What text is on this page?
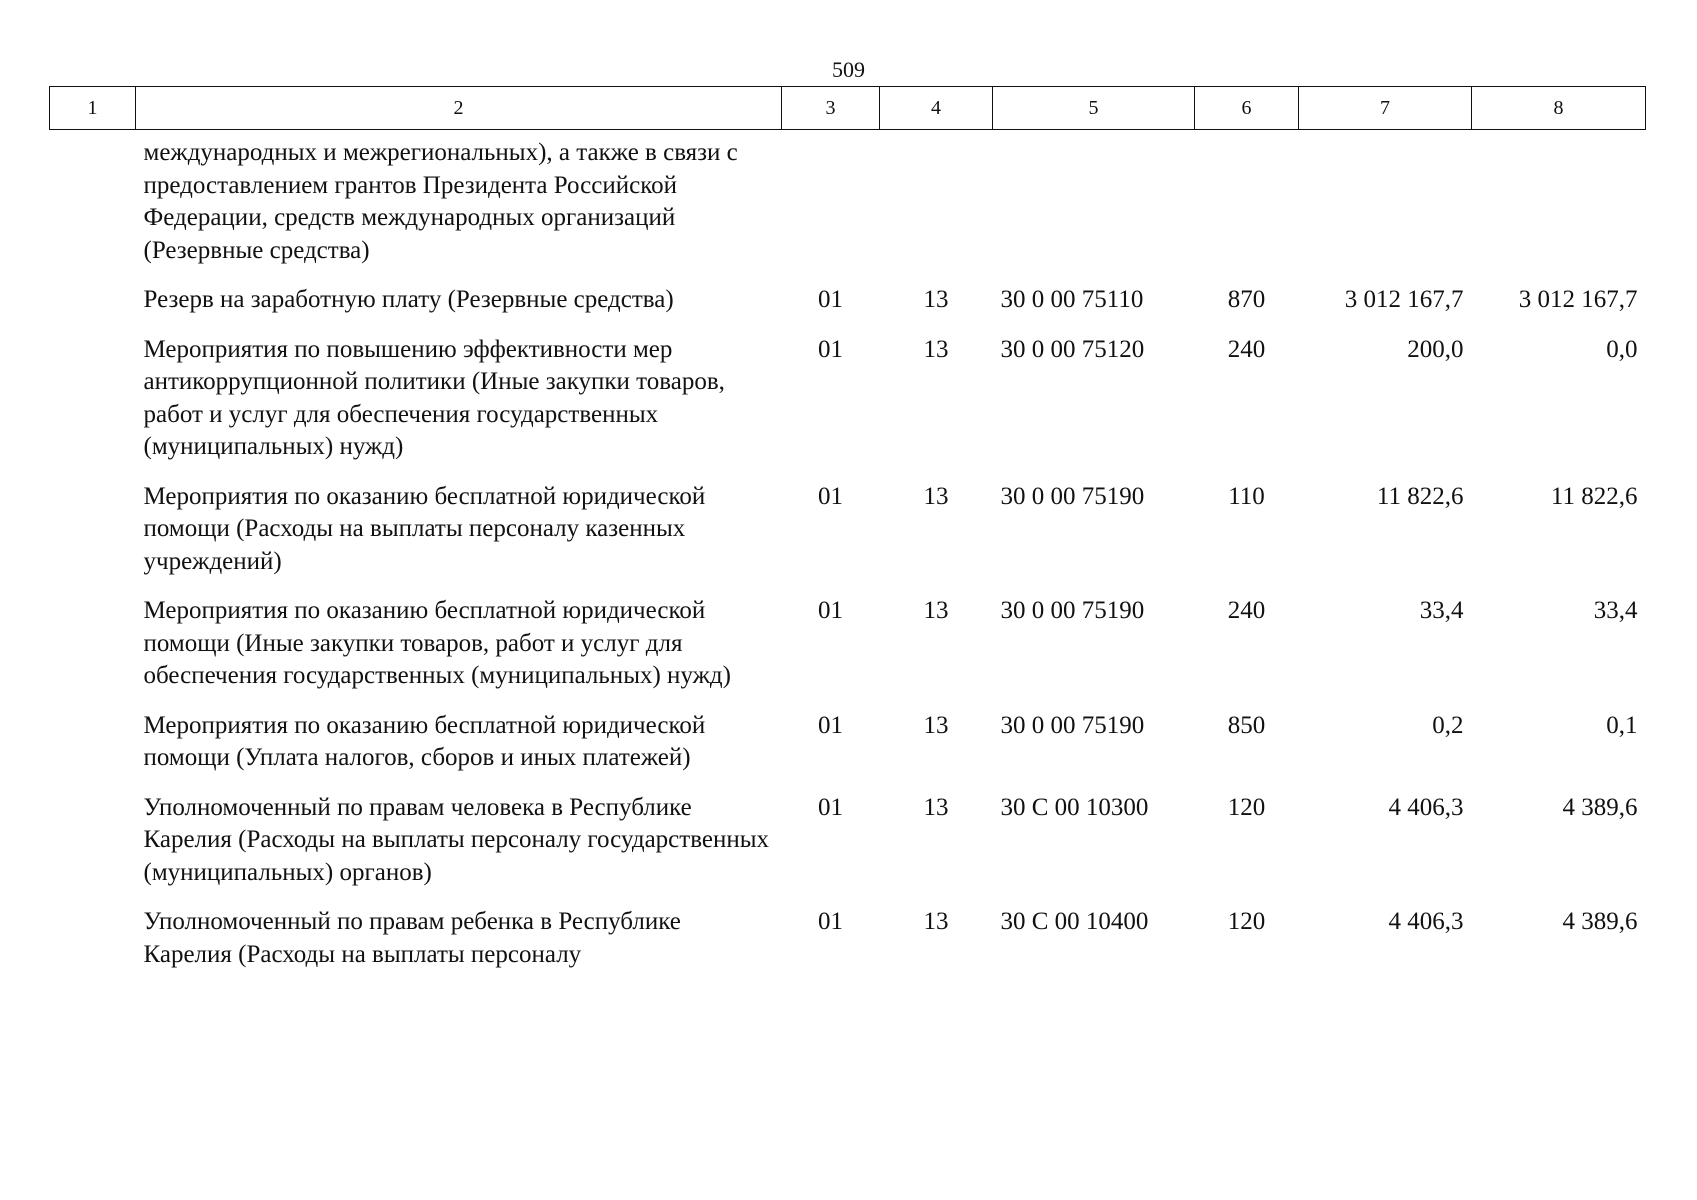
509
1	2	3	4	5	6	7	8
	международных и межрегиональных), а также в связи с предоставлением грантов Президента Российской Федерации, средств международных организаций (Резервные средства)						
	Резерв на заработную плату (Резервные средства)	01	13	30 0 00 75110	870	3 012 167,7	3 012 167,7
	Мероприятия по повышению эффективности мер антикоррупционной политики (Иные закупки товаров, работ и услуг для обеспечения государственных (муниципальных) нужд)	01	13	30 0 00 75120	240	200,0	0,0
	Мероприятия по оказанию бесплатной юридической помощи (Расходы на выплаты персоналу казенных учреждений)	01	13	30 0 00 75190	110	11 822,6	11 822,6
	Мероприятия по оказанию бесплатной юридической помощи (Иные закупки товаров, работ и услуг для обеспечения государственных (муниципальных) нужд)	01	13	30 0 00 75190	240	33,4	33,4
	Мероприятия по оказанию бесплатной юридической помощи (Уплата налогов, сборов и иных платежей)	01	13	30 0 00 75190	850	0,2	0,1
	Уполномоченный по правам человека в Республике Карелия (Расходы на выплаты персоналу государственных (муниципальных) органов)	01	13	30 С 00 10300	120	4 406,3	4 389,6
	Уполномоченный по правам ребенка в Республике Карелия (Расходы на выплаты персоналу	01	13	30 С 00 10400	120	4 406,3	4 389,6
